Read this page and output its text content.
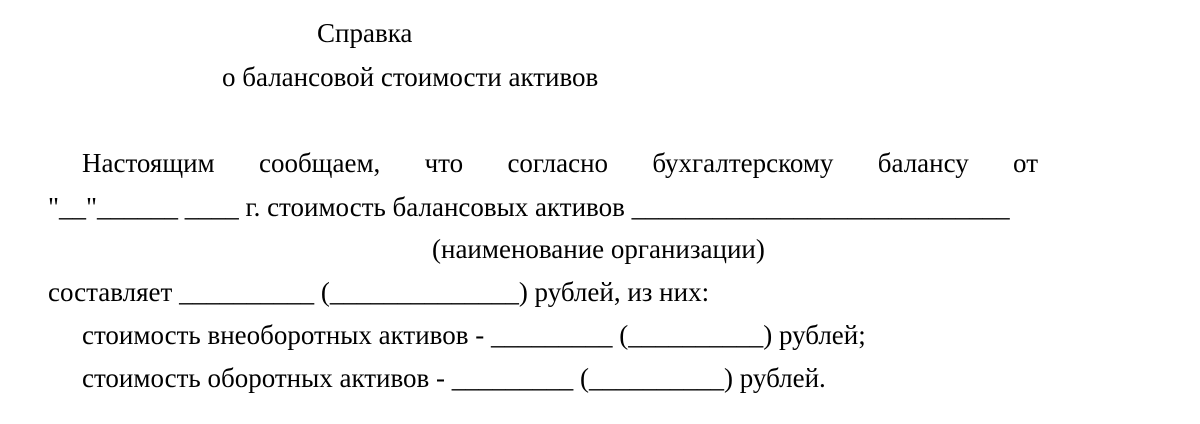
Справка
о балансовой стоимости активов
Настоящим сообщаем, что согласно бухгалтерскому балансу от
"__"______ ____ г. стоимость балансовых активов ____________________________
(наименование организации)
составляет __________ (______________) рублей, из них:
стоимость внеоборотных активов - _________ (__________) рублей;
стоимость оборотных активов - _________ (__________) рублей.
